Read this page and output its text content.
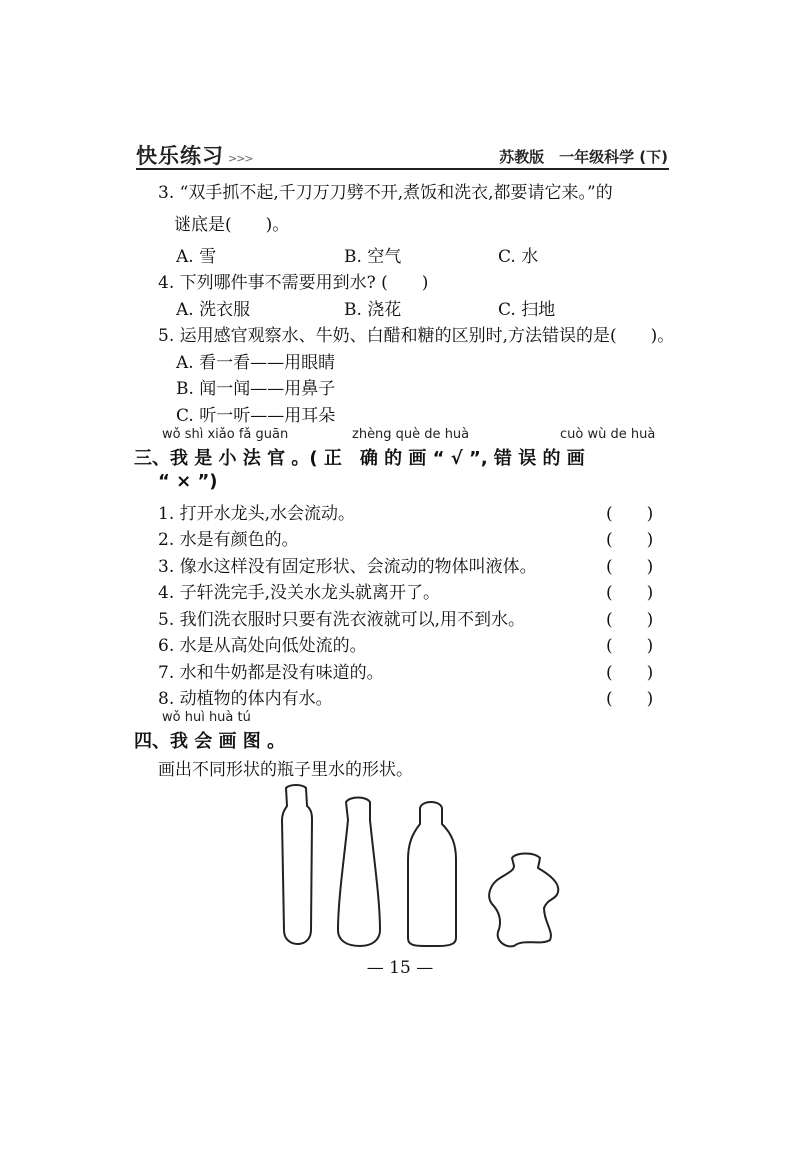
快乐练习 >>>	苏教版　一年级科学 (下)
3. “双手抓不起,千刀万刀劈不开,煮饭和洗衣,都要请它来。”的
谜底是(　　)。
A. 雪	B. 空气	C. 水
4. 下列哪件事不需要用到水? (　　)
A. 洗衣服	B. 浇花	C. 扫地
5. 运用感官观察水、牛奶、白醋和糖的区别时,方法错误的是(　　)。
A. 看一看——用眼睛
B. 闻一闻——用鼻子
C. 听一听——用耳朵
wǒ shì xiǎo fǎ guān	zhèng què de huà	cuò wù de huà
三、我 是 小 法 官 。( 正　确 的 画 “ √ ”, 错 误 的 画
“ × ”)
1. 打开水龙头,水会流动。	(　　)
2. 水是有颜色的。	(　　)
3. 像水这样没有固定形状、会流动的物体叫液体。	(　　)
4. 子轩洗完手,没关水龙头就离开了。	(　　)
5. 我们洗衣服时只要有洗衣液就可以,用不到水。	(　　)
6. 水是从高处向低处流的。	(　　)
7. 水和牛奶都是没有味道的。	(　　)
8. 动植物的体内有水。	(　　)
wǒ huì huà tú
四、我 会 画 图 。
画出不同形状的瓶子里水的形状。
— 15 —
